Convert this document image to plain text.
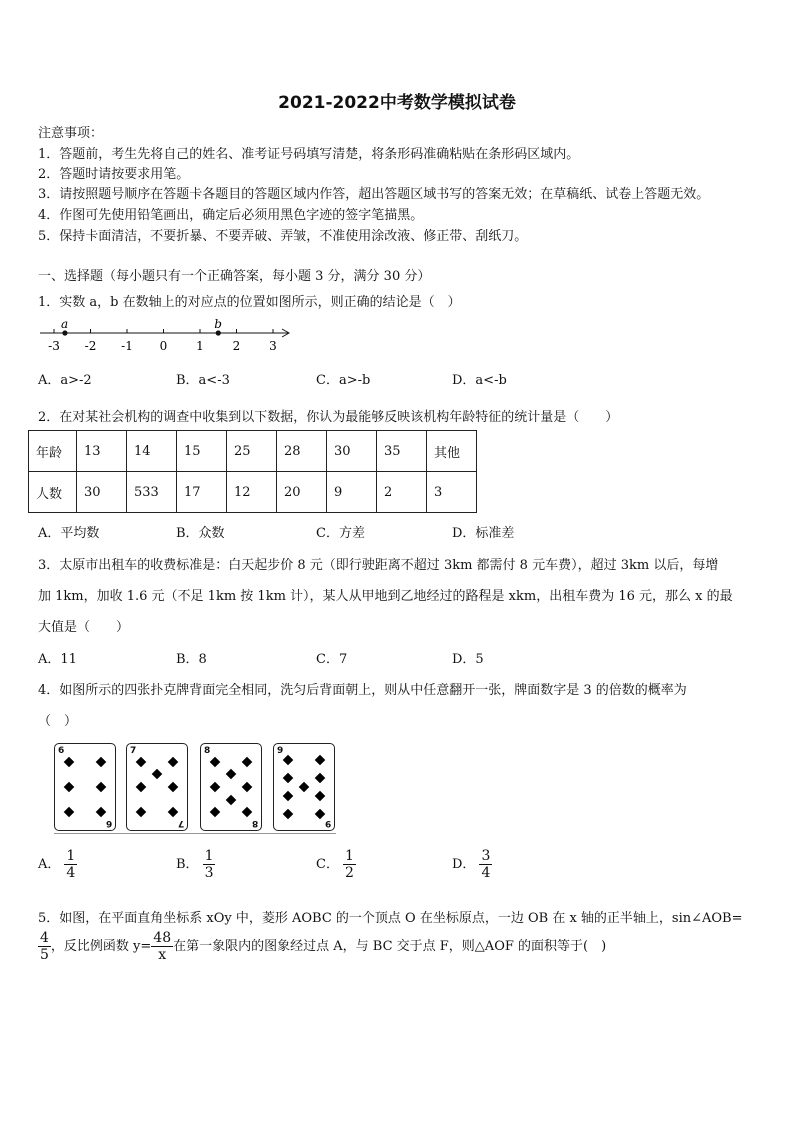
2021-2022中考数学模拟试卷
注意事项：
1．答题前，考生先将自己的姓名、准考证号码填写清楚，将条形码准确粘贴在条形码区域内。
2．答题时请按要求用笔。
3．请按照题号顺序在答题卡各题目的答题区域内作答，超出答题区域书写的答案无效；在草稿纸、试卷上答题无效。
4．作图可先使用铅笔画出，确定后必须用黑色字迹的签字笔描黑。
5．保持卡面清洁，不要折暴、不要弄破、弄皱，不准使用涂改液、修正带、刮纸刀。
一、选择题（每小题只有一个正确答案，每小题 3 分，满分 30 分）
1．实数 a，b 在数轴上的对应点的位置如图所示，则正确的结论是（　）
-3 -2 -1 0 1 2 3
a	b
A．a>-2	B．a<-3	C．a>-b	D．a<-b
2．在对某社会机构的调查中收集到以下数据，你认为最能够反映该机构年龄特征的统计量是（　　）
年龄	13	14	15	25	28	30	35	其他
人数	30	533	17	12	20	9	2	3
A．平均数	B．众数	C．方差	D．标准差
3．太原市出租车的收费标准是：白天起步价 8 元（即行驶距离不超过 3km 都需付 8 元车费），超过 3km 以后，每增
加 1km，加收 1.6 元（不足 1km 按 1km 计），某人从甲地到乙地经过的路程是 xkm，出租车费为 16 元，那么 x 的最
大值是（　　）
A．11	B．8	C．7	D．5
4．如图所示的四张扑克牌背面完全相同，洗匀后背面朝上，则从中任意翻开一张，牌面数字是 3 的倍数的概率为
（　）
6
6
7
7
8
8
9
9
A． $\frac{1}{4}$	B． $\frac{1}{3}$	C． $\frac{1}{2}$	D． $\frac{3}{4}$
5．如图，在平面直角坐标系 xOy 中，菱形 AOBC 的一个顶点 O 在坐标原点，一边 OB 在 x 轴的正半轴上，sin∠AOB=
$\frac{4}{5}$ ，反比例函数 $y= \frac{48}{x}$ 在第一象限内的图象经过点 A，与 BC 交于点 F，则△AOF 的面积等于(　)
